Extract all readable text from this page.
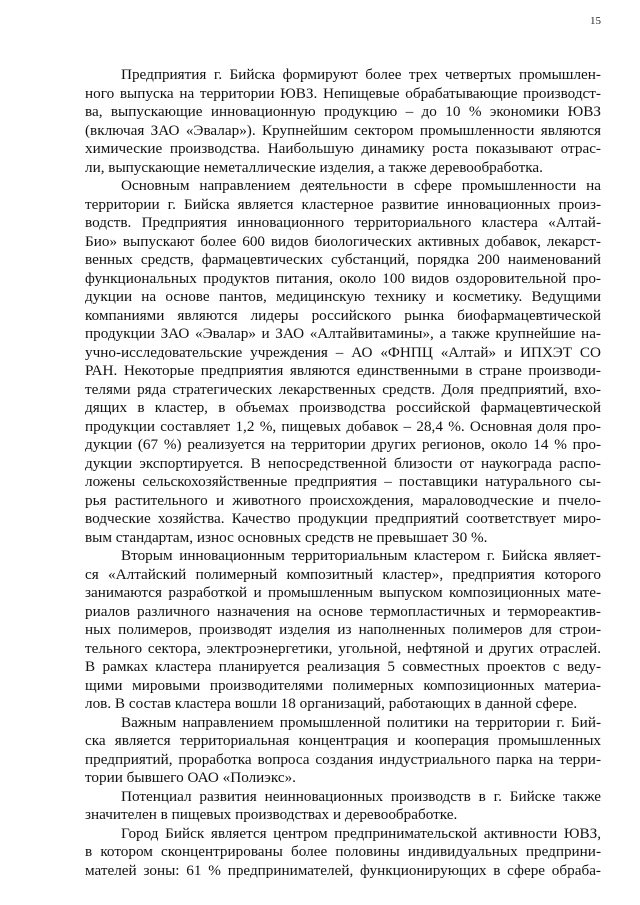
15
Предприятия г. Бийска формируют более трех четвертых промышлен-
ного выпуска на территории ЮВЗ. Непищевые обрабатывающие производст-
ва, выпускающие инновационную продукцию – до 10 % экономики ЮВЗ
(включая ЗАО «Эвалар»). Крупнейшим сектором промышленности являются
химические производства. Наибольшую динамику роста показывают отрас-
ли, выпускающие неметаллические изделия, а также деревообработка.
Основным направлением деятельности в сфере промышленности на
территории г. Бийска является кластерное развитие инновационных произ-
водств. Предприятия инновационного территориального кластера «Алтай-
Био» выпускают более 600 видов биологических активных добавок, лекарст-
венных средств, фармацевтических субстанций, порядка 200 наименований
функциональных продуктов питания, около 100 видов оздоровительной про-
дукции на основе пантов, медицинскую технику и косметику. Ведущими
компаниями являются лидеры российского рынка биофармацевтической
продукции ЗАО «Эвалар» и ЗАО «Алтайвитамины», а также крупнейшие на-
учно-исследовательские учреждения – АО «ФНПЦ «Алтай» и ИПХЭТ СО
РАН. Некоторые предприятия являются единственными в стране производи-
телями ряда стратегических лекарственных средств. Доля предприятий, вхо-
дящих в кластер, в объемах производства российской фармацевтической
продукции составляет 1,2 %, пищевых добавок – 28,4 %. Основная доля про-
дукции (67 %) реализуется на территории других регионов, около 14 % про-
дукции экспортируется. В непосредственной близости от наукограда распо-
ложены сельскохозяйственные предприятия – поставщики натурального сы-
рья растительного и животного происхождения, мараловодческие и пчело-
водческие хозяйства. Качество продукции предприятий соответствует миро-
вым стандартам, износ основных средств не превышает 30 %.
Вторым инновационным территориальным кластером г. Бийска являет-
ся «Алтайский полимерный композитный кластер», предприятия которого
занимаются разработкой и промышленным выпуском композиционных мате-
риалов различного назначения на основе термопластичных и термореактив-
ных полимеров, производят изделия из наполненных полимеров для строи-
тельного сектора, электроэнергетики, угольной, нефтяной и других отраслей.
В рамках кластера планируется реализация 5 совместных проектов с веду-
щими мировыми производителями полимерных композиционных материа-
лов. В состав кластера вошли 18 организаций, работающих в данной сфере.
Важным направлением промышленной политики на территории г. Бий-
ска является территориальная концентрация и кооперация промышленных
предприятий, проработка вопроса создания индустриального парка на терри-
тории бывшего ОАО «Полиэкс».
Потенциал развития неинновационных производств в г. Бийске также
значителен в пищевых производствах и деревообработке.
Город Бийск является центром предпринимательской активности ЮВЗ,
в котором сконцентрированы более половины индивидуальных предприни-
мателей зоны: 61 % предпринимателей, функционирующих в сфере обраба-
